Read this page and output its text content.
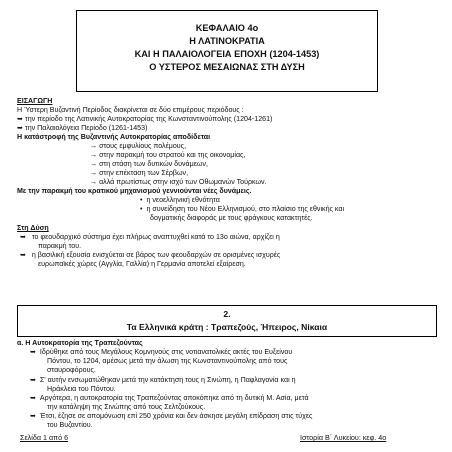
ΚΕΦΑΛΑΙΟ 4ο
Η ΛΑΤΙΝΟΚΡΑΤΙΑ
ΚΑΙ Η ΠΑΛΑΙΟΛΟΓΕΙΑ ΕΠΟΧΗ (1204-1453)
Ο ΥΣΤΕΡΟΣ ΜΕΣΑΙΩΝΑΣ ΣΤΗ ΔΥΣΗ
ΕΙΣΑΓΩΓΗ
Η Ύστερη Βυζαντινή Περίοδος διακρίνεται σε δύο επιμέρους περιόδους :
➥ την περίοδο της Λατινικής Αυτοκρατορίας της Κωνσταντινούπολης (1204-1261)
➥ την Παλαιολόγεια Περίοδο (1261-1453)
Η κατάστροφή της Βυζαντινής Αυτοκρατορίας αποδίδεται
→ στους εμφυλίους πολέμους,
→ στην παρακμή του στρατού και της οικονομίας,
→ στη στάση των δυτικών δυνάμεων,
→ στην επέκταση των Σέρβων,
→ αλλά πρωτίστως στην ισχύ των Οθωμανών Τούρκων.
Με την παρακμή του κρατικού μηχανισμού γεννιούνται νέες δυνάμεις.
•  η νεοελληνική εθνότητα
•  η συνείδηση του Νέου Ελληνισμού, στο πλαίσιο της εθνικής και
δογματικής διαφοράς με τους φράγκους κατακτητές.
Στη Δύση
➥   το φεουδαρχικό σύστημα έχει πλήρως αναπτυχθεί κατά το 13ο αιώνα, αρχίζει η
παρακμή του.
➥   η βασιλική εξουσία ενισχύεται σε βάρος των φεουδαρχών σε ορισμένες ισχυρές
ευρωπαϊκές χώρες (Αγγλία, Γαλλία) η Γερμανία αποτελεί εξαίρεση.
2.
Τα Ελληνικά κράτη : Τραπεζούς, Ήπειρος, Νίκαια
α. Η Αυτοκρατορία της Τραπεζούντας
➥  Ιδρύθηκε από τους Μεγάλους Κομνηνούς στις νοτιανατολικές ακτές του Ευξείνου
Πόντου, το 1204, αμέσως μετά την άλωση της Κωνσταντινούπολης από τους
σταυροφόρους.
➥  Σ' αυτήν ενσωματώθηκαν μετά την κατάκτηση τους η Σινώπη, η Παφλαγονία και η
Ηράκλεια του Πόντου.
➥  Αργότερα, η αυτοκρατορία της Τραπεζούντας αποκόπηκε από τη δυτική Μ. Ασία, μετά
την κατάληψη της Σινώπης από τους Σελτζούκους.
➥  Έτσι, έζησε σε απομόνωση επί 250 χρόνια και δεν άσκησε μεγάλη επίδραση στις τύχες
του Βυζαντίου.
Σελίδα 1 από 6	Ιστορία Β΄ Λυκείου: κεφ. 4ο
